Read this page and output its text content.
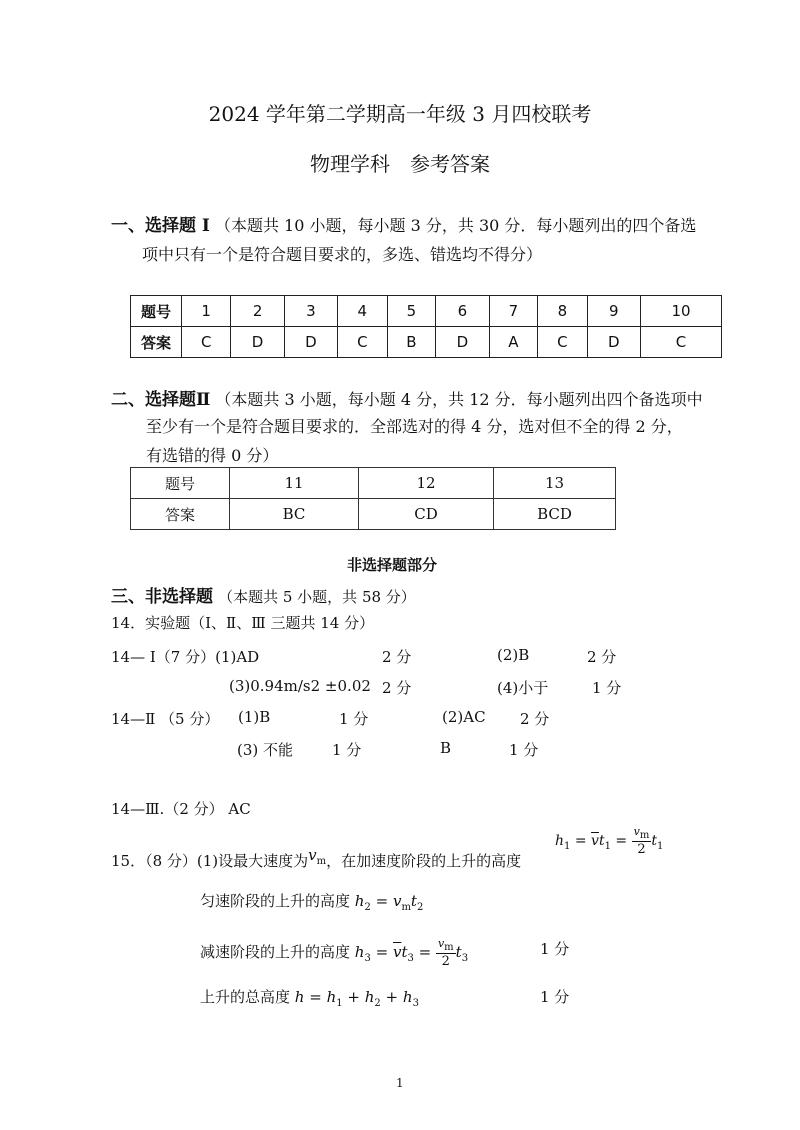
2024 学年第二学期高一年级 3 月四校联考
物理学科　参考答案
一、选择题 Ⅰ （本题共 10 小题，每小题 3 分，共 30 分．每小题列出的四个备选
项中只有一个是符合题目要求的，多选、错选均不得分）
题号	1	2	3	4	5	6	7	8	9	10
答案	C	D	D	C	B	D	A	C	D	C
二、选择题Ⅱ （本题共 3 小题，每小题 4 分，共 12 分．每小题列出四个备选项中
至少有一个是符合题目要求的．全部选对的得 4 分，选对但不全的得 2 分，
有选错的得 0 分）
题号	11	12	13
答案	BC	CD	BCD
非选择题部分
三、非选择题 （本题共 5 小题，共 58 分）
14．实验题（Ⅰ、Ⅱ、Ⅲ 三题共 14 分）
14— Ⅰ（7 分）(1)AD	2 分	(2)B	2 分
(3)0.94m/s2 ±0.02 2 分	(4)小于	1 分
14—Ⅱ （5 分） (1)B	1 分	(2)AC 2 分
(3) 不能	1 分	B	1 分
14—Ⅲ.（2 分） AC
15．（8 分）(1)设最大速度为$v_m$，在加速度阶段的上升的高度
$h_1 = \overline{v}t_1 = \frac{v_m}{2} t_1$
匀速阶段的上升的高度 $h_2 = v_mt_2$
减速阶段的上升的高度 $h_3 = \overline{v}t_3 = \frac{v_m}{2} t_3$
1 分
上升的总高度 $h = h_1 + h_2 + h_3$	1 分
1
